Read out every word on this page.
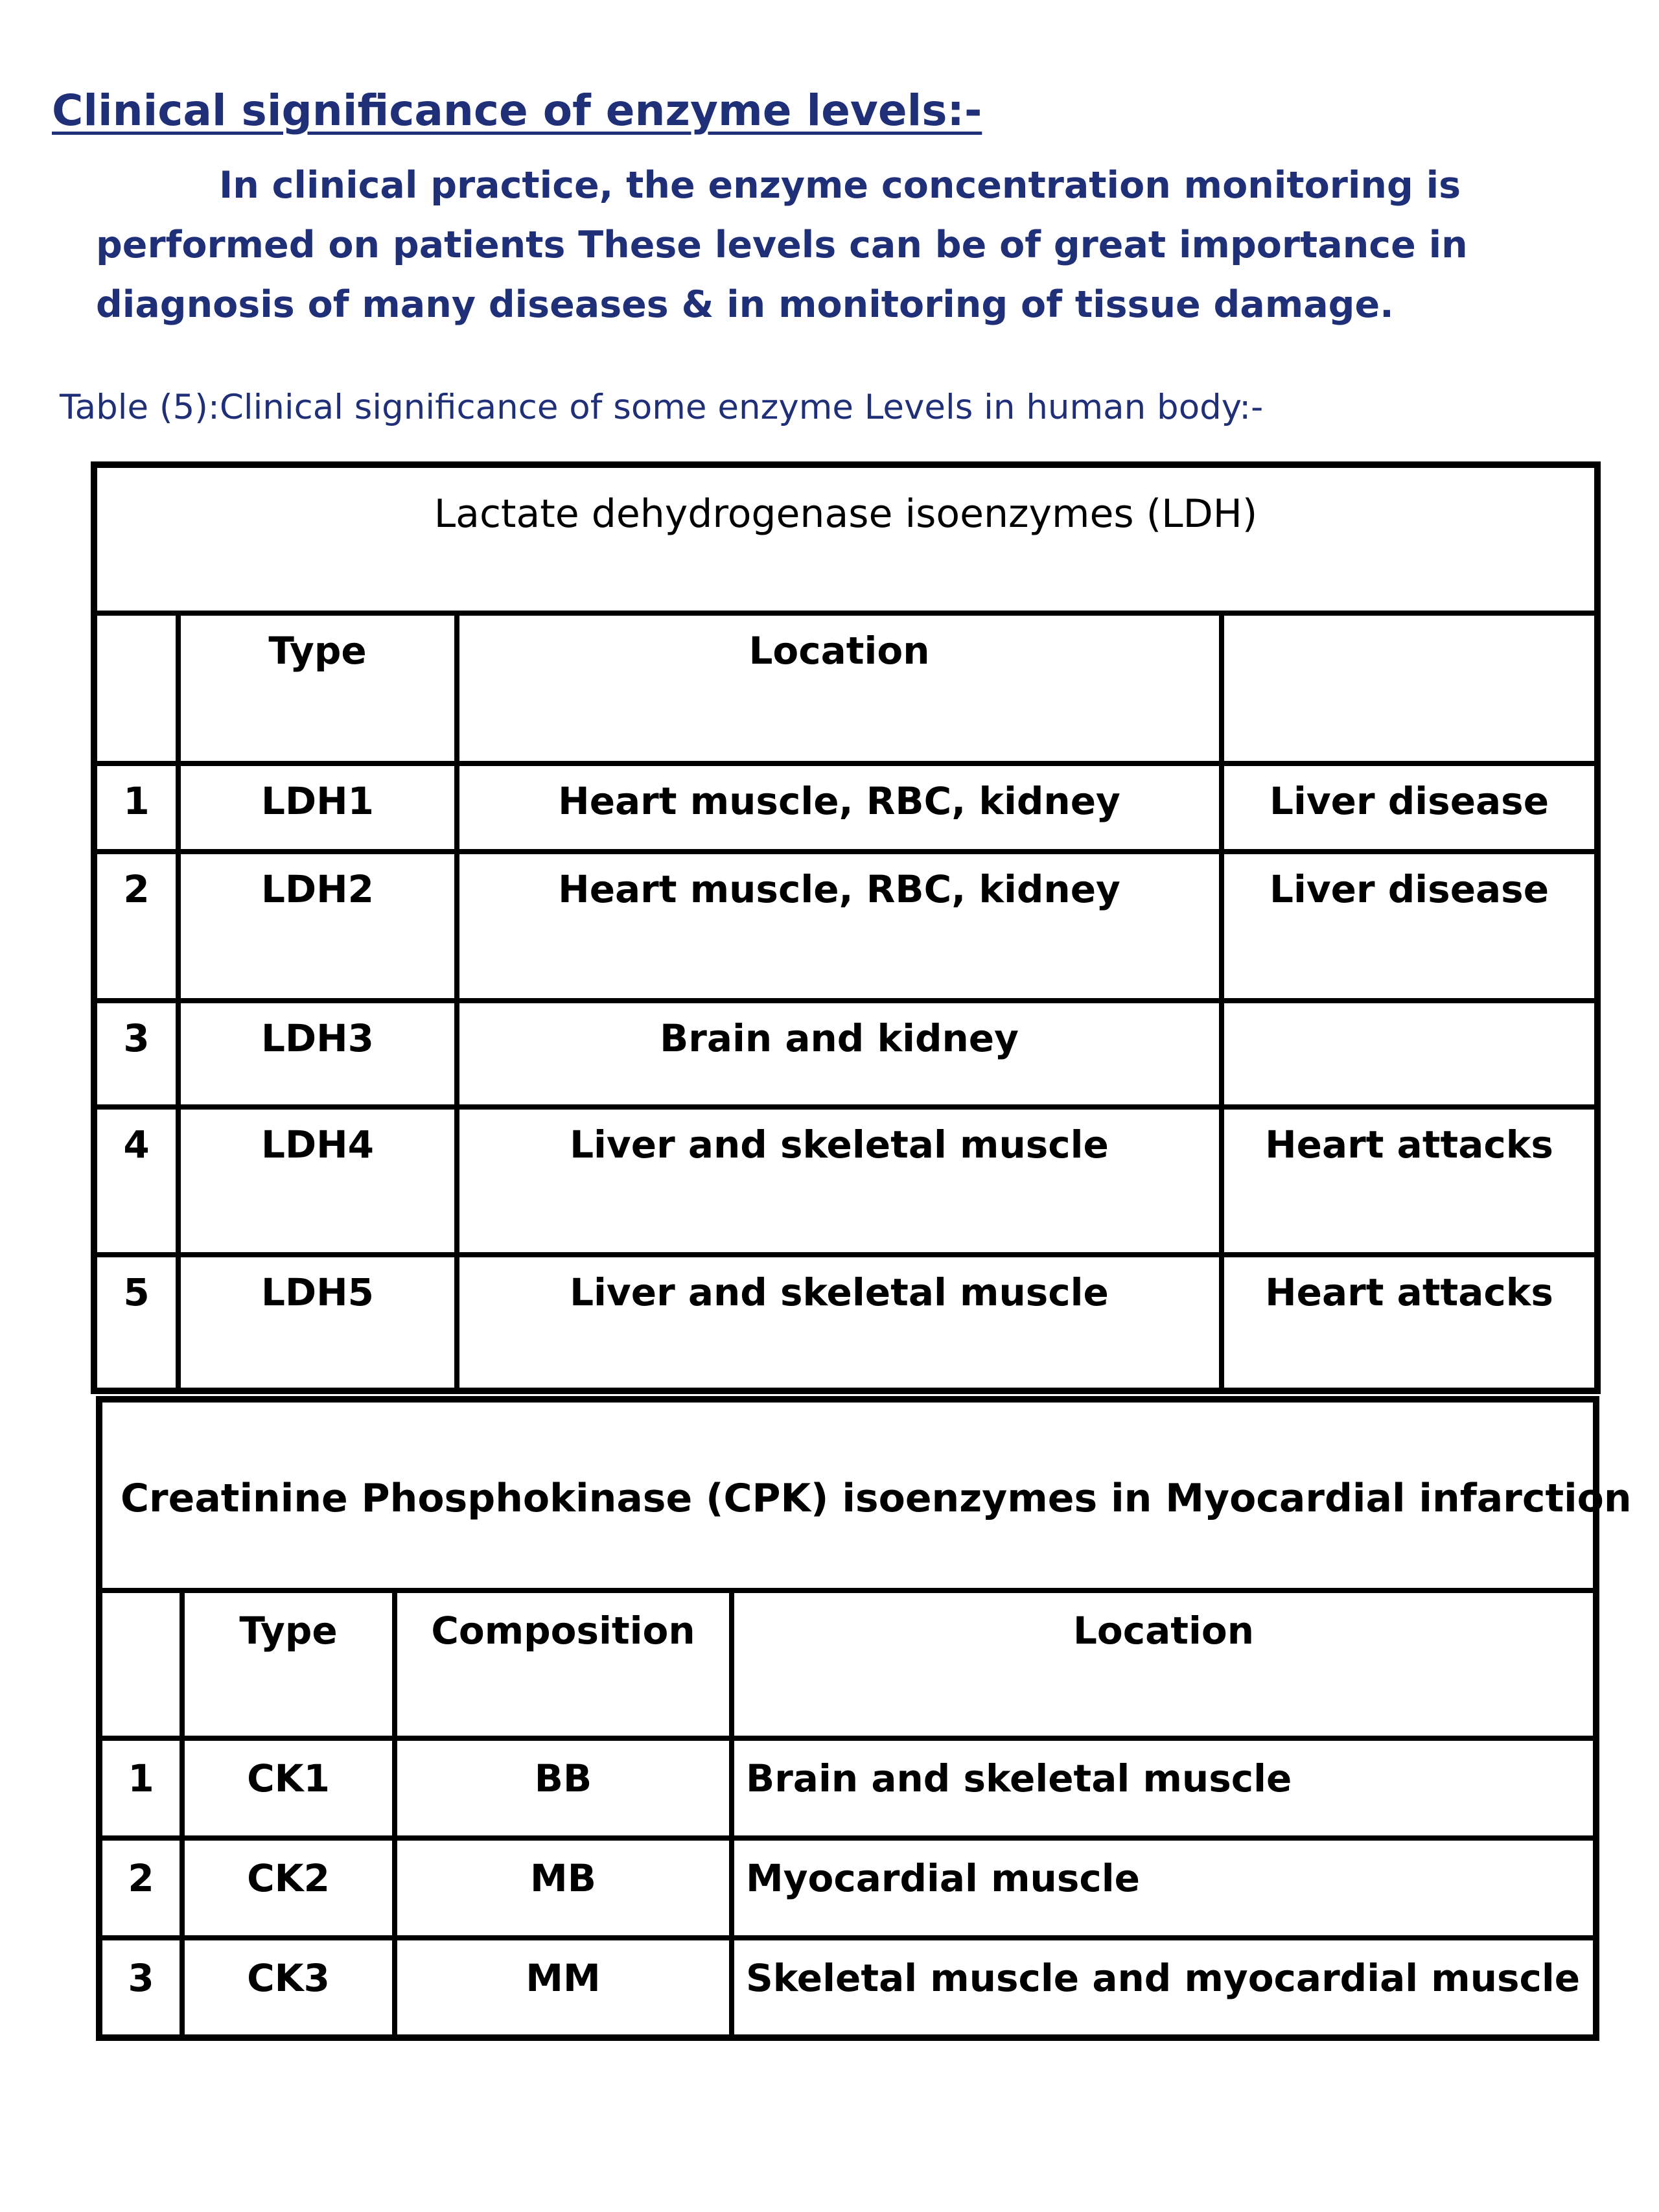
Clinical significance of enzyme levels:-

In clinical practice, the enzyme concentration monitoring is
performed on patients These levels can be of great importance in
diagnosis of many diseases & in monitoring of tissue damage.

Table (5):Clinical significance of some enzyme Levels in human body:-

Lactate dehydrogenase isoenzymes (LDH)			

	Type	Location	

1	LDH1	Heart muscle, RBC, kidney	Liver disease

2	LDH2	Heart muscle, RBC, kidney	Liver disease

3	LDH3	Brain and kidney	

4	LDH4	Liver and skeletal muscle	Heart attacks

5	LDH5	Liver and skeletal muscle	Heart attacks
Creatinine Phosphokinase (CPK) isoenzymes in Myocardial infarction			

	Type	Composition	Location

1	CK1	BB	Brain and skeletal muscle

2	CK2	MB	Myocardial muscle

3	CK3	MM	Skeletal muscle and myocardial muscle
